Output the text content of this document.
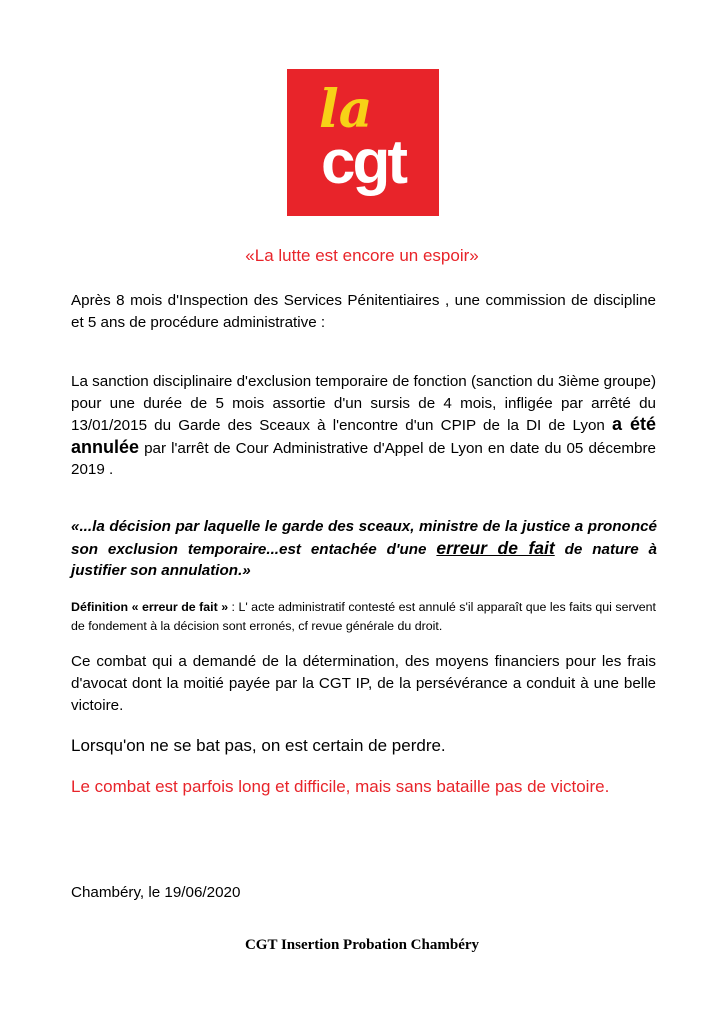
la
cgt
«La lutte est encore un espoir»
Après 8 mois d'Inspection des Services Pénitentiaires , une commission de discipline et 5 ans de procédure administrative :
La sanction disciplinaire d'exclusion temporaire de fonction (sanction du 3ième groupe) pour une durée de 5 mois assortie d'un sursis de 4 mois, infligée par arrêté du 13/01/2015 du Garde des Sceaux à l'encontre d'un CPIP de la DI de Lyon a été annulée par l'arrêt de Cour Administrative d'Appel de Lyon en date du 05 décembre 2019 .
«...la décision par laquelle le garde des sceaux, ministre de la justice a prononcé son exclusion temporaire...est entachée d'une erreur de fait de nature à justifier son annulation.»
Définition « erreur de fait » : L' acte administratif contesté est annulé s'il apparaît que les faits qui servent de fondement à la décision sont erronés, cf revue générale du droit.
Ce combat qui a demandé de la détermination, des moyens financiers pour les frais d'avocat dont la moitié payée par la CGT IP, de la persévérance a conduit à une belle victoire.
Lorsqu'on ne se bat pas, on est certain de perdre.
Le combat est parfois long et difficile, mais sans bataille pas de victoire.
Chambéry, le 19/06/2020
CGT Insertion Probation Chambéry
